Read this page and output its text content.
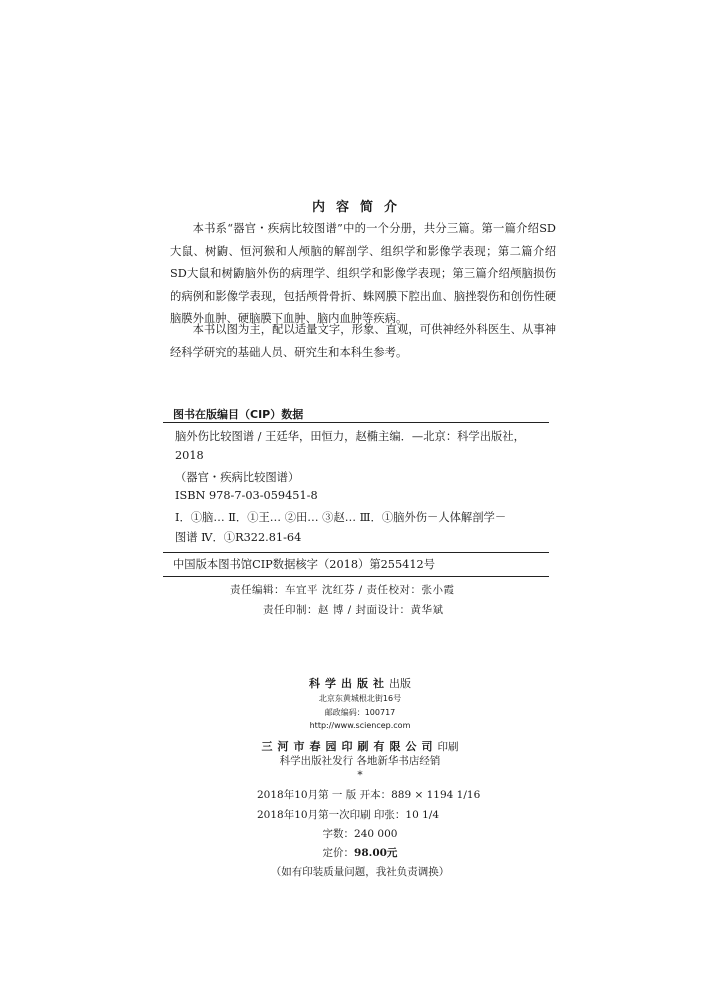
内容简介
本书系“器官・疾病比较图谱”中的一个分册，共分三篇。第一篇介绍SD大鼠、树鼩、恒河猴和人颅脑的解剖学、组织学和影像学表现；第二篇介绍SD大鼠和树鼩脑外伤的病理学、组织学和影像学表现；第三篇介绍颅脑损伤的病例和影像学表现，包括颅骨骨折、蛛网膜下腔出血、脑挫裂伤和创伤性硬脑膜外血肿、硬脑膜下血肿、脑内血肿等疾病。
本书以图为主，配以适量文字，形象、直观，可供神经外科医生、从事神经科学研究的基础人员、研究生和本科生参考。
图书在版编目（CIP）数据
脑外伤比较图谱 / 王廷华，田恒力，赵椭主编．—北京：科学出版社，
2018
（器官・疾病比较图谱）
ISBN 978-7-03-059451-8
Ⅰ．①脑… Ⅱ．①王… ②田… ③赵… Ⅲ．①脑外伤－人体解剖学－
图谱 Ⅳ．①R322.81-64
中国版本图书馆CIP数据核字（2018）第255412号
责任编辑：车宜平 沈红芬 / 责任校对：张小霞
责任印制：赵 博 / 封面设计：黄华斌
科学出版社出版
北京东黄城根北街16号
邮政编码：100717
http://www.sciencep.com
三河市春园印刷有限公司印刷
科学出版社发行 各地新华书店经销
*
2018年10月第 一 版 开本：889 × 1194 1/16
2018年10月第一次印刷 印张：10 1/4
字数：240 000
定价：98.00元
（如有印装质量问题，我社负责调换）
